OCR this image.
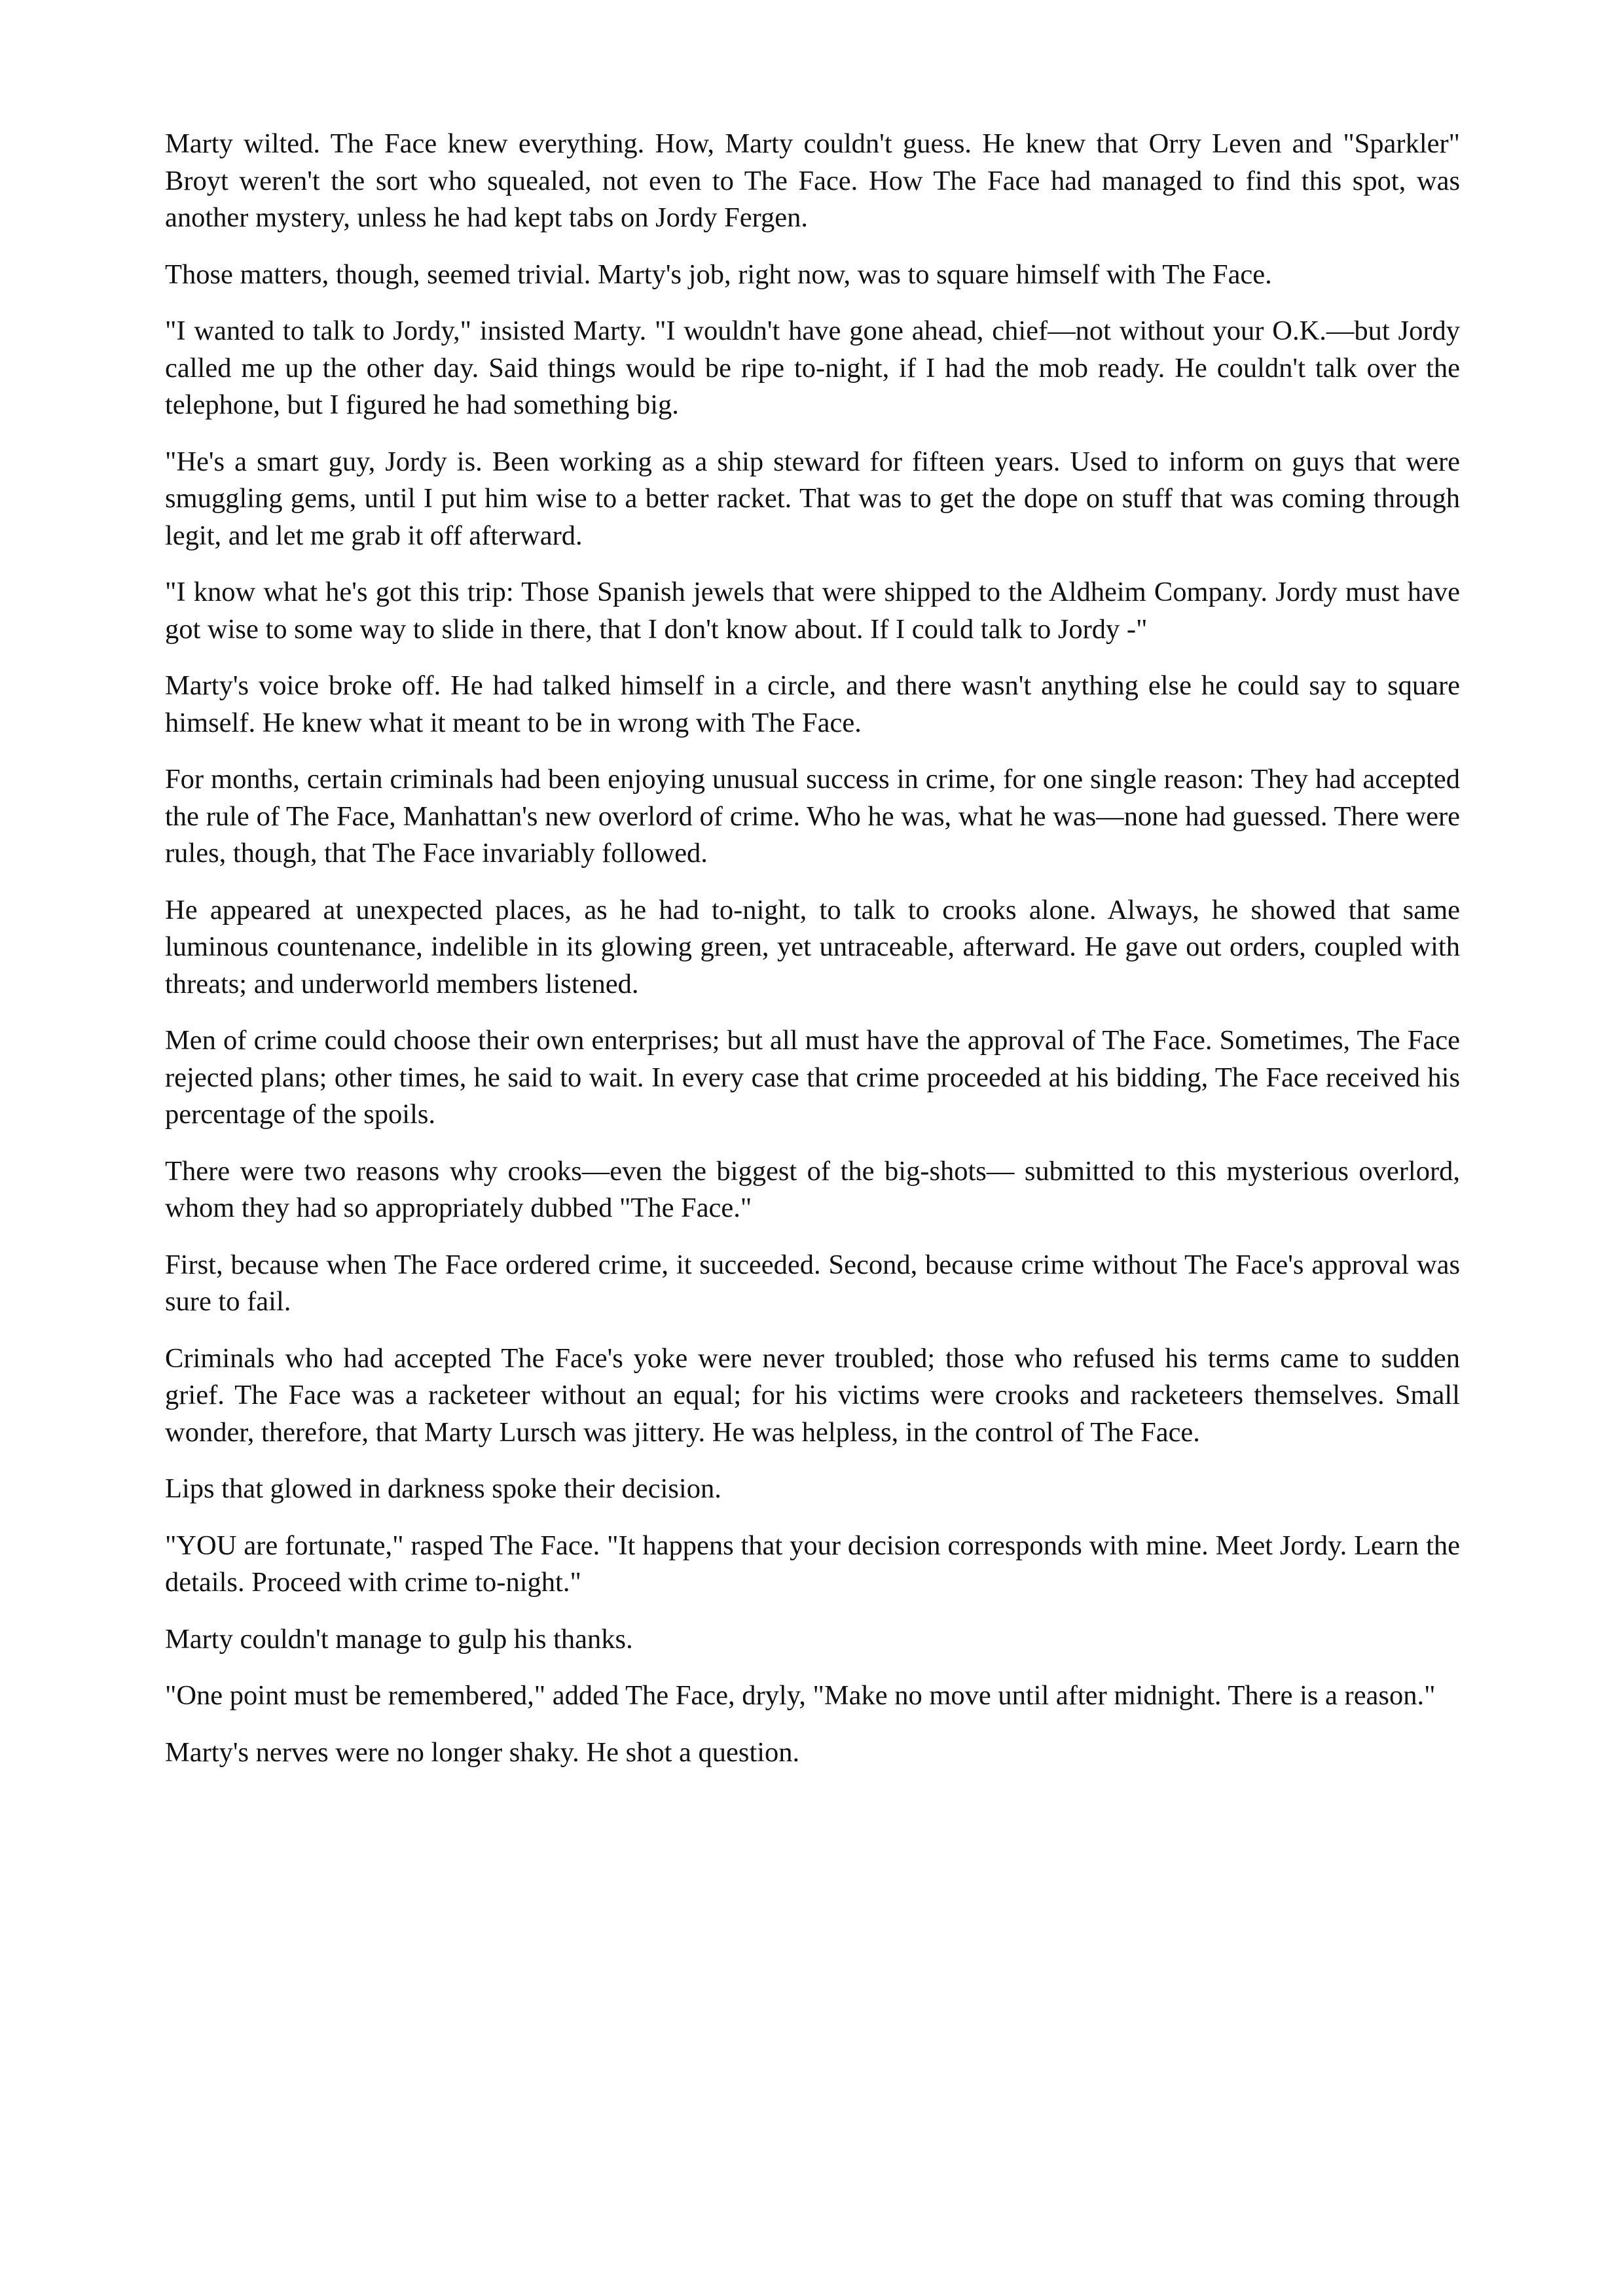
Marty wilted. The Face knew everything. How, Marty couldn't guess. He knew that Orry Leven and "Sparkler" Broyt weren't the sort who squealed, not even to The Face. How The Face had managed to find this spot, was another mystery, unless he had kept tabs on Jordy Fergen.

Those matters, though, seemed trivial. Marty's job, right now, was to square himself with The Face.

"I wanted to talk to Jordy," insisted Marty. "I wouldn't have gone ahead, chief—not without your O.K.—but Jordy called me up the other day. Said things would be ripe to-night, if I had the mob ready. He couldn't talk over the telephone, but I figured he had something big.

"He's a smart guy, Jordy is. Been working as a ship steward for fifteen years. Used to inform on guys that were smuggling gems, until I put him wise to a better racket. That was to get the dope on stuff that was coming through legit, and let me grab it off afterward.

"I know what he's got this trip: Those Spanish jewels that were shipped to the Aldheim Company. Jordy must have got wise to some way to slide in there, that I don't know about. If I could talk to Jordy -"

Marty's voice broke off. He had talked himself in a circle, and there wasn't anything else he could say to square himself. He knew what it meant to be in wrong with The Face.

For months, certain criminals had been enjoying unusual success in crime, for one single reason: They had accepted the rule of The Face, Manhattan's new overlord of crime. Who he was, what he was—none had guessed. There were rules, though, that The Face invariably followed.

He appeared at unexpected places, as he had to-night, to talk to crooks alone. Always, he showed that same luminous countenance, indelible in its glowing green, yet untraceable, afterward. He gave out orders, coupled with threats; and underworld members listened.

Men of crime could choose their own enterprises; but all must have the approval of The Face. Sometimes, The Face rejected plans; other times, he said to wait. In every case that crime proceeded at his bidding, The Face received his percentage of the spoils.

There were two reasons why crooks—even the biggest of the big-shots— submitted to this mysterious overlord, whom they had so appropriately dubbed "The Face."

First, because when The Face ordered crime, it succeeded. Second, because crime without The Face's approval was sure to fail.

Criminals who had accepted The Face's yoke were never troubled; those who refused his terms came to sudden grief. The Face was a racketeer without an equal; for his victims were crooks and racketeers themselves. Small wonder, therefore, that Marty Lursch was jittery. He was helpless, in the control of The Face.

Lips that glowed in darkness spoke their decision.

"YOU are fortunate," rasped The Face. "It happens that your decision corresponds with mine. Meet Jordy. Learn the details. Proceed with crime to-night."

Marty couldn't manage to gulp his thanks.

"One point must be remembered," added The Face, dryly, "Make no move until after midnight. There is a reason."

Marty's nerves were no longer shaky. He shot a question.
